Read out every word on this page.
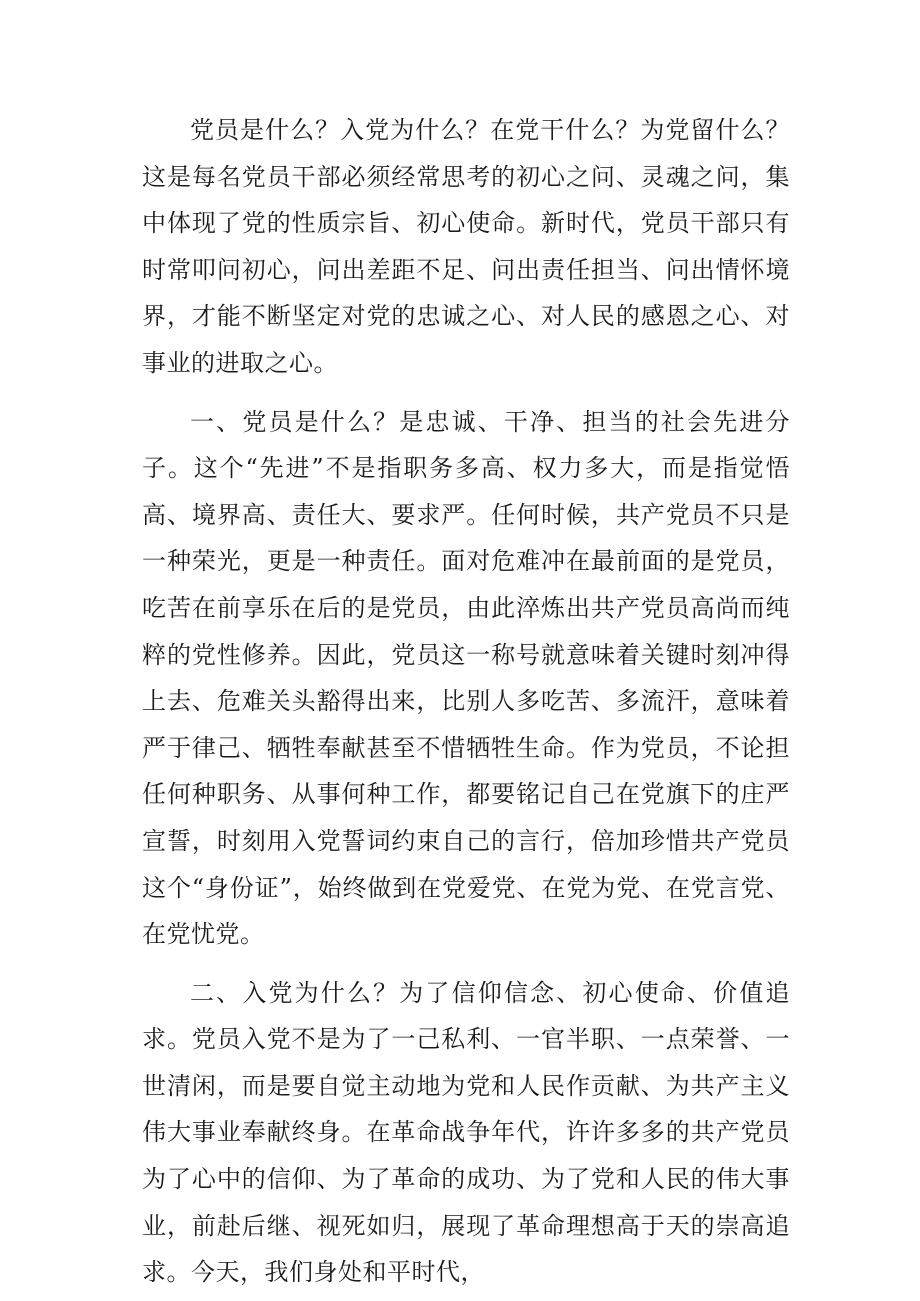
党员是什么？入党为什么？在党干什么？为党留什么？这是每名党员干部必须经常思考的初心之问、灵魂之问，集中体现了党的性质宗旨、初心使命。新时代，党员干部只有时常叩问初心，问出差距不足、问出责任担当、问出情怀境界，才能不断坚定对党的忠诚之心、对人民的感恩之心、对事业的进取之心。

一、党员是什么？是忠诚、干净、担当的社会先进分子。这个“先进”不是指职务多高、权力多大，而是指觉悟高、境界高、责任大、要求严。任何时候，共产党员不只是一种荣光，更是一种责任。面对危难冲在最前面的是党员，吃苦在前享乐在后的是党员，由此淬炼出共产党员高尚而纯粹的党性修养。因此，党员这一称号就意味着关键时刻冲得上去、危难关头豁得出来，比别人多吃苦、多流汗，意味着严于律己、牺牲奉献甚至不惜牺牲生命。作为党员，不论担任何种职务、从事何种工作，都要铭记自己在党旗下的庄严宣誓，时刻用入党誓词约束自己的言行，倍加珍惜共产党员这个“身份证”，始终做到在党爱党、在党为党、在党言党、在党忧党。

二、入党为什么？为了信仰信念、初心使命、价值追求。党员入党不是为了一己私利、一官半职、一点荣誉、一世清闲，而是要自觉主动地为党和人民作贡献、为共产主义伟大事业奉献终身。在革命战争年代，许许多多的共产党员为了心中的信仰、为了革命的成功、为了党和人民的伟大事业，前赴后继、视死如归，展现了革命理想高于天的崇高追求。今天，我们身处和平时代，
